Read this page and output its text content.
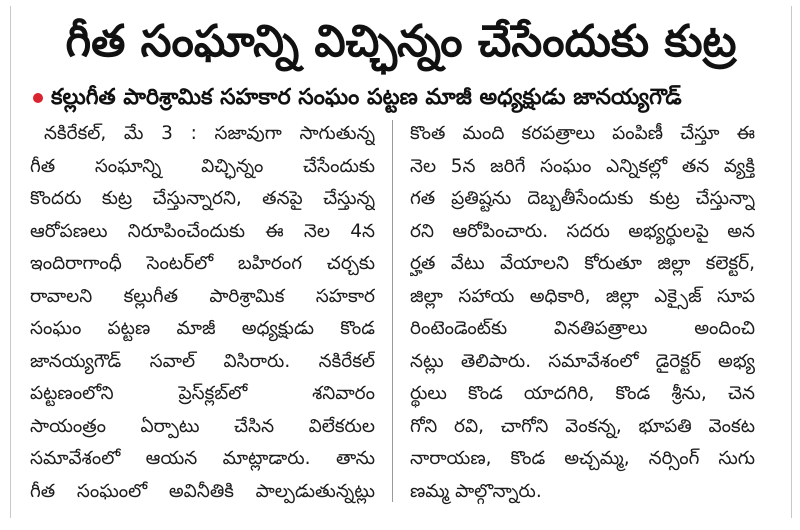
గీత సంఘాన్ని విచ్ఛిన్నం చేసేందుకు కుట్ర
కల్లుగీత పారిశ్రామిక సహకార సంఘం పట్టణ మాజీ అధ్యక్షుడు జానయ్యగౌడ్
నకిరేకల్, మే 3 : సజావుగా సాగుతున్న
గీత సంఘాన్ని విచ్ఛిన్నం చేసేందుకు
కొందరు కుట్ర చేస్తున్నారని, తనపై చేస్తున్న
ఆరోపణలు నిరూపించేందుకు ఈ నెల 4న
ఇందిరాగాంధీ సెంటర్‌లో బహిరంగ చర్చకు
రావాలని కల్లుగీత పారిశ్రామిక సహకార
సంఘం పట్టణ మాజీ అధ్యక్షుడు కొండ
జానయ్యగౌడ్ సవాల్ విసిరారు. నకిరేకల్
పట్టణంలోని ప్రెస్‌క్లబ్‌లో శనివారం
సాయంత్రం ఏర్పాటు చేసిన విలేకరుల
సమావేశంలో ఆయన మాట్లాడారు. తాను
గీత సంఘంలో అవినీతికి పాల్పడుతున్నట్లు
కొంత మంది కరపత్రాలు పంపిణీ చేస్తూ ఈ
నెల 5న జరిగే సంఘం ఎన్నికల్లో తన వ్యక్తి
గత ప్రతిష్టను దెబ్బతీసేందుకు కుట్ర చేస్తున్నా
రని ఆరోపించారు. సదరు అభ్యర్థులపై అన
ర్హత వేటు వేయాలని కోరుతూ జిల్లా కలెక్టర్,
జిల్లా సహాయ అధికారి, జిల్లా ఎక్సైజ్ సూప
రింటెండెంట్‌కు వినతిపత్రాలు అందించి
నట్లు తెలిపారు. సమావేశంలో డైరెక్టర్ అభ్య
ర్థులు కొండ యాదగిరి, కొండ శ్రీను, చెన
గోని రవి, చాగోని వెంకన్న, భూపతి వెంకట
నారాయణ, కొండ అచ్చమ్మ, నర్సింగ్ సుగు
ణమ్మ పాల్గొన్నారు.
